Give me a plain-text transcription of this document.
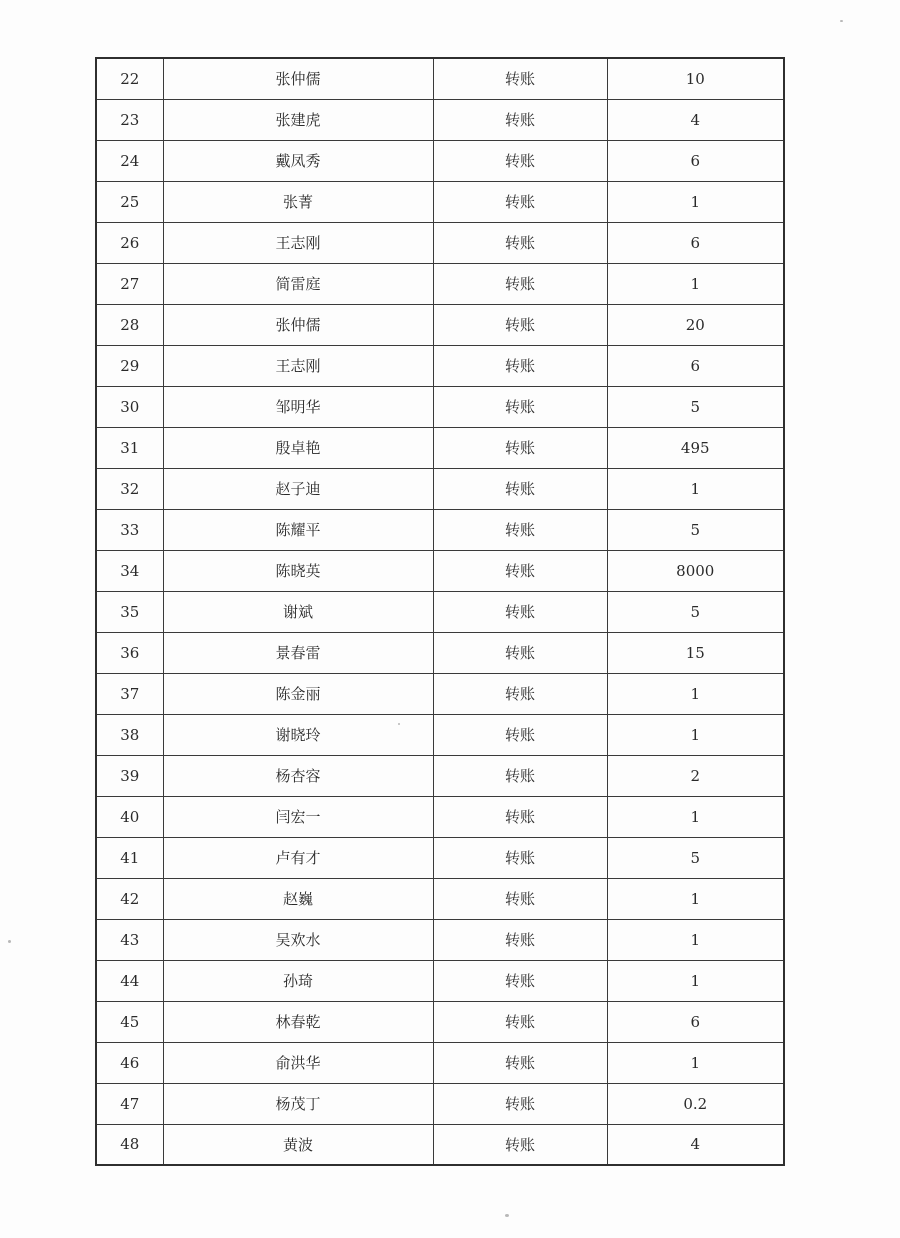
22	张仲儒	转账	10
23	张建虎	转账	4
24	戴凤秀	转账	6
25	张菁	转账	1
26	王志刚	转账	6
27	简雷庭	转账	1
28	张仲儒	转账	20
29	王志刚	转账	6
30	邹明华	转账	5
31	殷卓艳	转账	495
32	赵子迪	转账	1
33	陈耀平	转账	5
34	陈晓英	转账	8000
35	谢斌	转账	5
36	景春雷	转账	15
37	陈金丽	转账	1
38	谢晓玲	转账	1
39	杨杏容	转账	2
40	闫宏一	转账	1
41	卢有才	转账	5
42	赵巍	转账	1
43	吴欢水	转账	1
44	孙琦	转账	1
45	林春乾	转账	6
46	俞洪华	转账	1
47	杨茂丁	转账	0.2
48	黄波	转账	4
